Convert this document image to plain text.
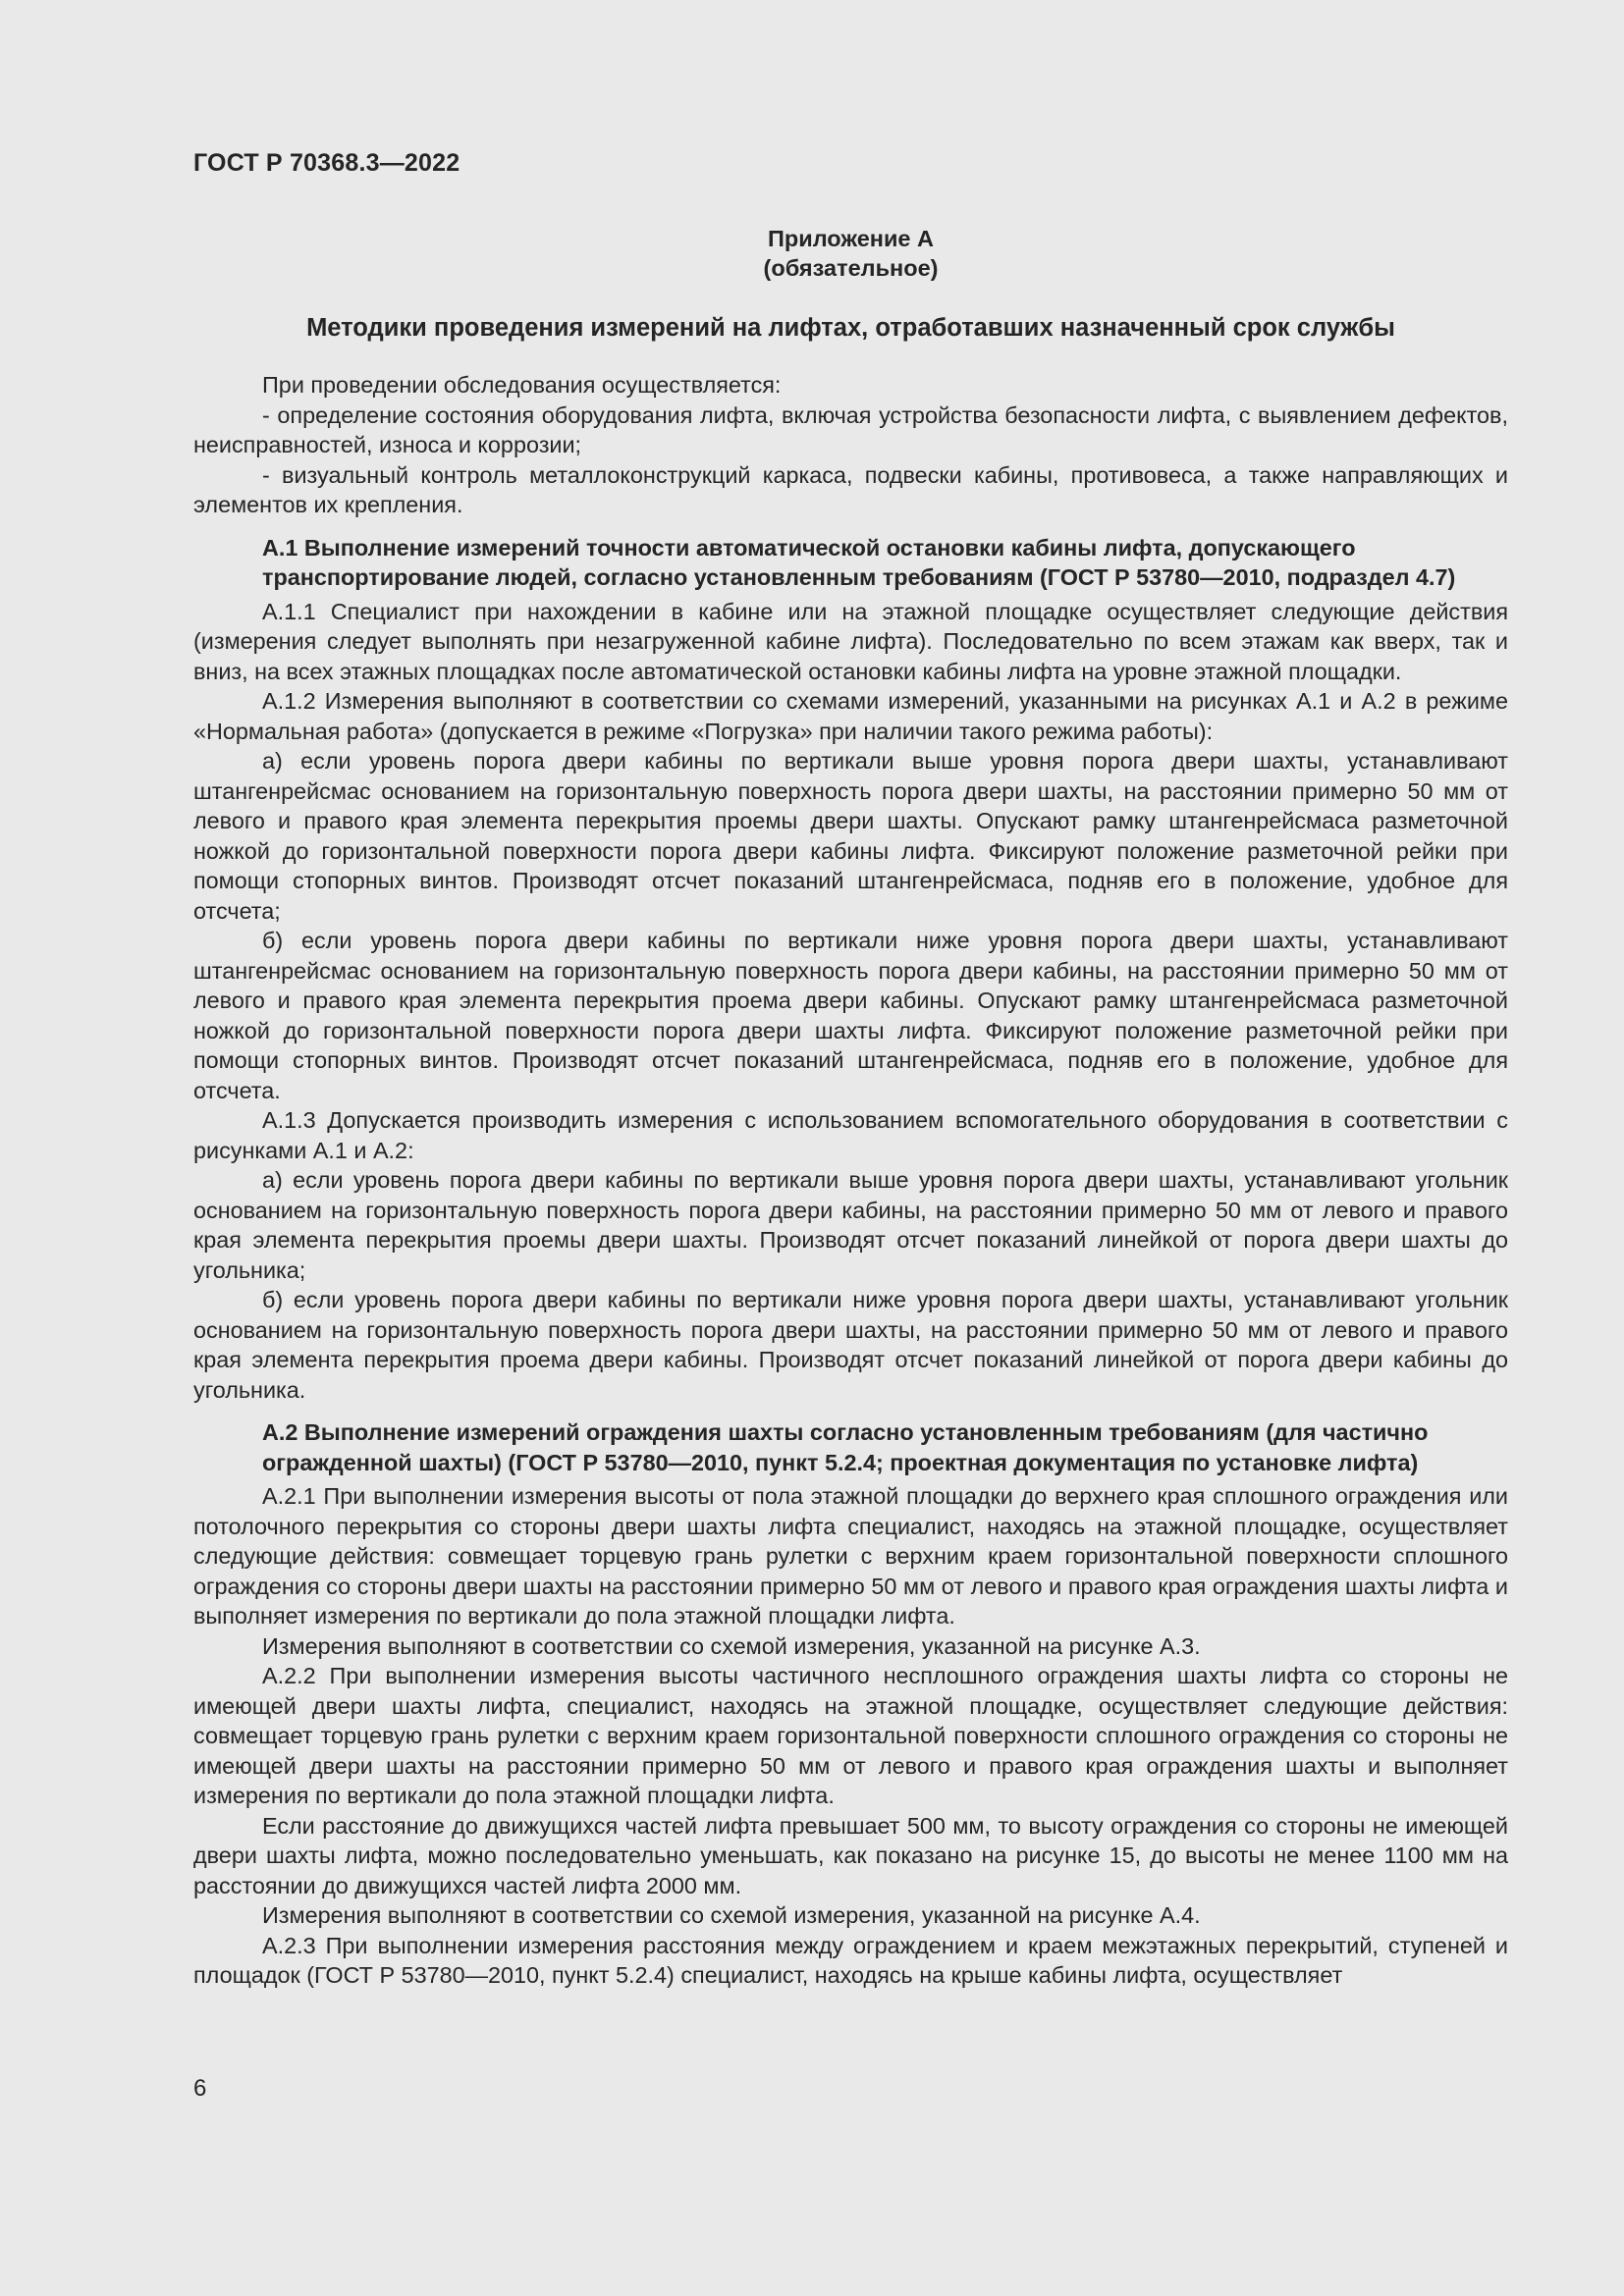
ГОСТ Р 70368.3—2022
Приложение А
(обязательное)
Методики проведения измерений на лифтах, отработавших назначенный срок службы

При проведении обследования осуществляется:

- определение состояния оборудования лифта, включая устройства безопасности лифта, с выявлением дефектов, неисправностей, износа и коррозии;

- визуальный контроль металлоконструкций каркаса, подвески кабины, противовеса, а также направляющих и элементов их крепления.

А.1 Выполнение измерений точности автоматической остановки кабины лифта, допускающего транспортирование людей, согласно установленным требованиям (ГОСТ Р 53780—2010, подраздел 4.7)

А.1.1 Специалист при нахождении в кабине или на этажной площадке осуществляет следующие действия (измерения следует выполнять при незагруженной кабине лифта). Последовательно по всем этажам как вверх, так и вниз, на всех этажных площадках после автоматической остановки кабины лифта на уровне этажной площадки.

А.1.2 Измерения выполняют в соответствии со схемами измерений, указанными на рисунках А.1 и А.2 в режиме «Нормальная работа» (допускается в режиме «Погрузка» при наличии такого режима работы):

а) если уровень порога двери кабины по вертикали выше уровня порога двери шахты, устанавливают штангенрейсмас основанием на горизонтальную поверхность порога двери шахты, на расстоянии примерно 50 мм от левого и правого края элемента перекрытия проемы двери шахты. Опускают рамку штангенрейсмаса разметочной ножкой до горизонтальной поверхности порога двери кабины лифта. Фиксируют положение разметочной рейки при помощи стопорных винтов. Производят отсчет показаний штангенрейсмаса, подняв его в положение, удобное для отсчета;

б) если уровень порога двери кабины по вертикали ниже уровня порога двери шахты, устанавливают штангенрейсмас основанием на горизонтальную поверхность порога двери кабины, на расстоянии примерно 50 мм от левого и правого края элемента перекрытия проема двери кабины. Опускают рамку штангенрейсмаса разметочной ножкой до горизонтальной поверхности порога двери шахты лифта. Фиксируют положение разметочной рейки при помощи стопорных винтов. Производят отсчет показаний штангенрейсмаса, подняв его в положение, удобное для отсчета.

А.1.3 Допускается производить измерения с использованием вспомогательного оборудования в соответствии с рисунками А.1 и А.2:

а) если уровень порога двери кабины по вертикали выше уровня порога двери шахты, устанавливают угольник основанием на горизонтальную поверхность порога двери кабины, на расстоянии примерно 50 мм от левого и правого края элемента перекрытия проемы двери шахты. Производят отсчет показаний линейкой от порога двери шахты до угольника;

б) если уровень порога двери кабины по вертикали ниже уровня порога двери шахты, устанавливают угольник основанием на горизонтальную поверхность порога двери шахты, на расстоянии примерно 50 мм от левого и правого края элемента перекрытия проема двери кабины. Производят отсчет показаний линейкой от порога двери кабины до угольника.

А.2 Выполнение измерений ограждения шахты согласно установленным требованиям (для частично огражденной шахты) (ГОСТ Р 53780—2010, пункт 5.2.4; проектная документация по установке лифта)

А.2.1 При выполнении измерения высоты от пола этажной площадки до верхнего края сплошного ограждения или потолочного перекрытия со стороны двери шахты лифта специалист, находясь на этажной площадке, осуществляет следующие действия: совмещает торцевую грань рулетки с верхним краем горизонтальной поверхности сплошного ограждения со стороны двери шахты на расстоянии примерно 50 мм от левого и правого края ограждения шахты лифта и выполняет измерения по вертикали до пола этажной площадки лифта.

Измерения выполняют в соответствии со схемой измерения, указанной на рисунке А.3.

А.2.2 При выполнении измерения высоты частичного несплошного ограждения шахты лифта со стороны не имеющей двери шахты лифта, специалист, находясь на этажной площадке, осуществляет следующие действия: совмещает торцевую грань рулетки с верхним краем горизонтальной поверхности сплошного ограждения со стороны не имеющей двери шахты на расстоянии примерно 50 мм от левого и правого края ограждения шахты и выполняет измерения по вертикали до пола этажной площадки лифта.

Если расстояние до движущихся частей лифта превышает 500 мм, то высоту ограждения со стороны не имеющей двери шахты лифта, можно последовательно уменьшать, как показано на рисунке 15, до высоты не менее 1100 мм на расстоянии до движущихся частей лифта 2000 мм.

Измерения выполняют в соответствии со схемой измерения, указанной на рисунке А.4.

А.2.3 При выполнении измерения расстояния между ограждением и краем межэтажных перекрытий, ступеней и площадок (ГОСТ Р 53780—2010, пункт 5.2.4) специалист, находясь на крыше кабины лифта, осуществляет

6
